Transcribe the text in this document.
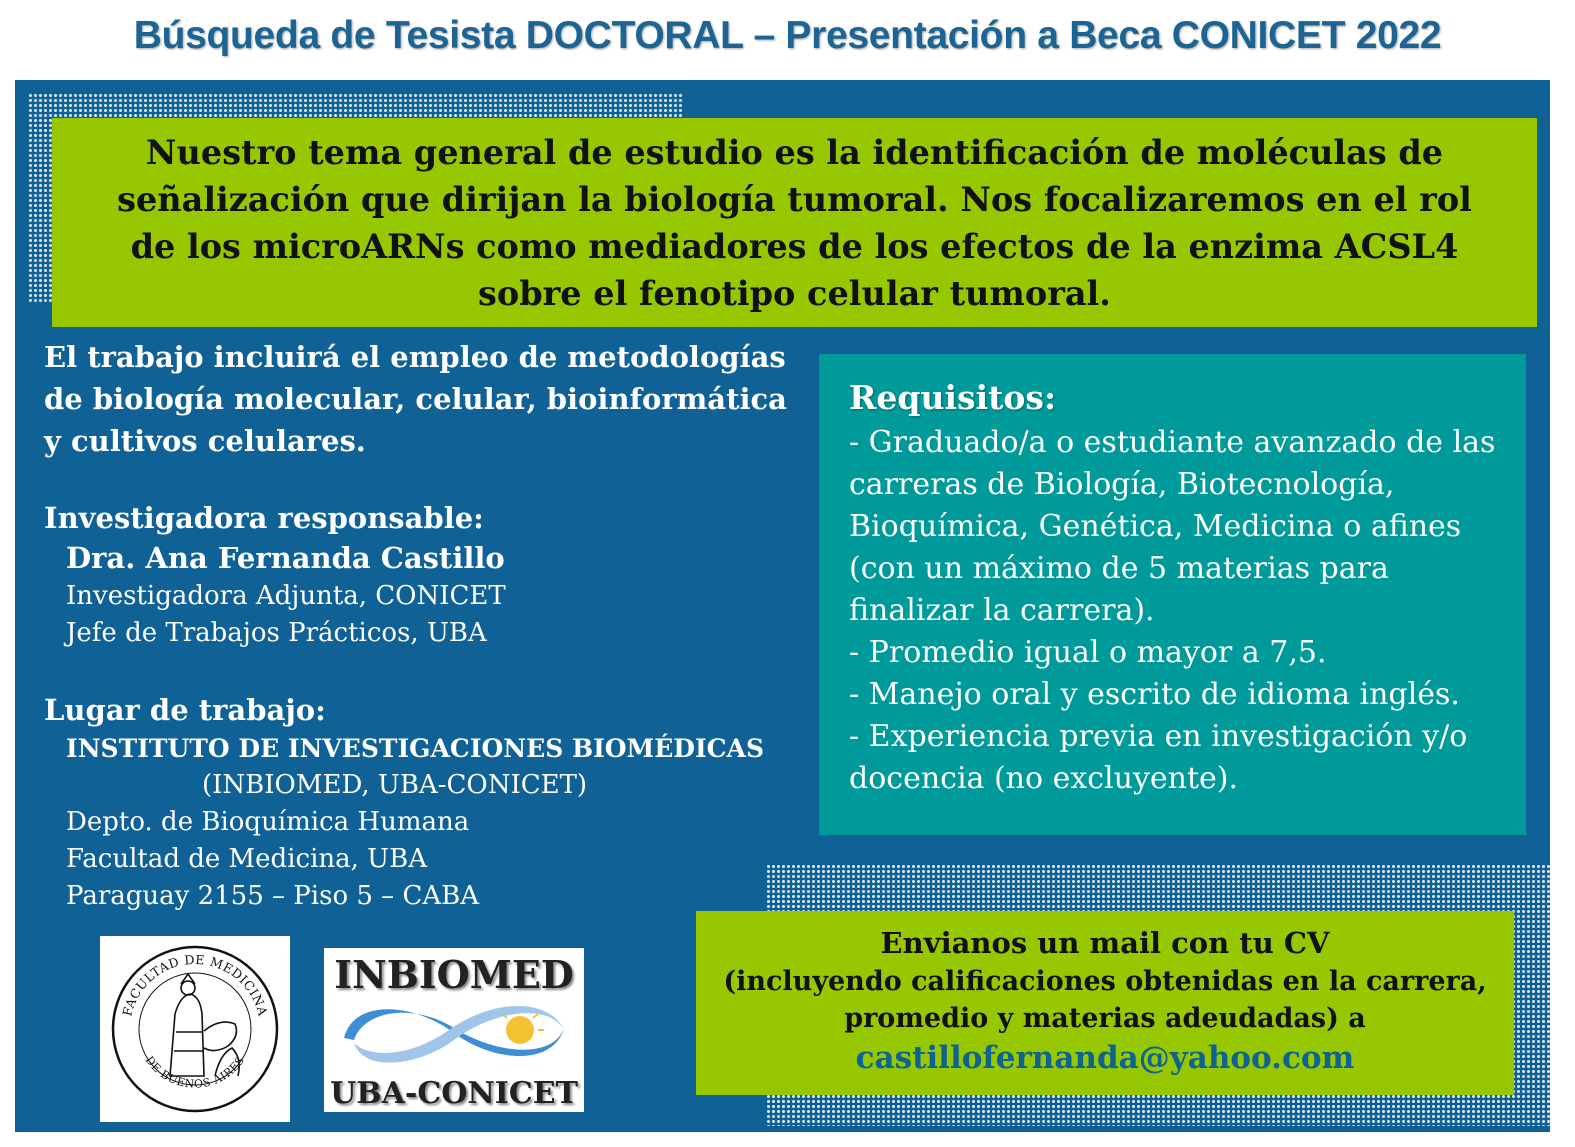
Búsqueda de Tesista DOCTORAL – Presentación a Beca CONICET 2022

Nuestro tema general de estudio es la identificación de moléculas de señalización que dirijan la biología tumoral. Nos focalizaremos en el rol de los microARNs como mediadores de los efectos de la enzima ACSL4 sobre el fenotipo celular tumoral.

El trabajo incluirá el empleo de metodologías de biología molecular, celular, bioinformática y cultivos celulares.

Investigadora responsable:

Dra. Ana Fernanda Castillo

Investigadora Adjunta, CONICET

Jefe de Trabajos Prácticos, UBA

Lugar de trabajo:

INSTITUTO DE INVESTIGACIONES BIOMÉDICAS

(INBIOMED, UBA-CONICET)

Depto. de Bioquímica Humana

Facultad de Medicina, UBA

Paraguay 2155 – Piso 5 – CABA

Requisitos:

- Graduado/a o estudiante avanzado de las carreras de Biología, Biotecnología, Bioquímica, Genética, Medicina o afines (con un máximo de 5 materias para finalizar la carrera).

- Promedio igual o mayor a 7,5.

- Manejo oral y escrito de idioma inglés.

- Experiencia previa en investigación y/o docencia (no excluyente).

Envianos un mail con tu CV

(incluyendo calificaciones obtenidas en la carrera, promedio y materias adeudadas) a

castillofernanda@yahoo.com

FACULTAD DE MEDICINA
DE BUENOS AIRES
INBIOMED
UBA-CONICET
